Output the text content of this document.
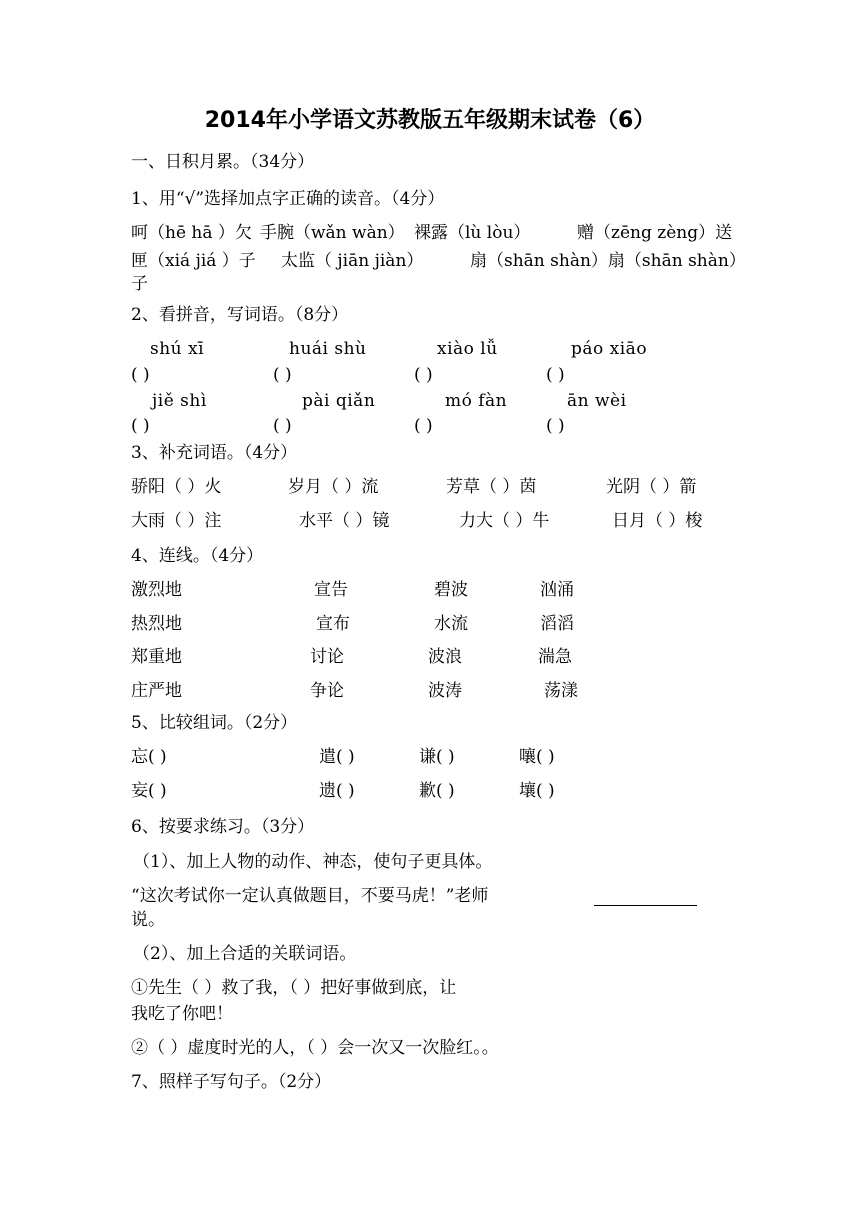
2014年小学语文苏教版五年级期末试卷（6）
一、日积月累。（34分）
1、用“√”选择加点字正确的读音。（4分）
呵（hē hā ）欠 手腕（wǎn wàn） 裸露（lù lòu）	赠（zēng zèng）送
匣（xiá jiá ）子 太监（ jiān jiàn）	扇（shān shàn）扇（shān shàn）
子
2、看拼音，写词语。（8分）
shú xī	huái shù	xiào lǚ	páo xiāo
( )	( )	( )	( )
jiě shì	pài qiǎn	mó fàn	ān wèi
( )	( )	( )	( )
3、补充词语。（4分）
骄阳（ ）火	岁月（ ）流	芳草（ ）茵	光阴（ ）箭
大雨（ ）注	水平（ ）镜	力大（ ）牛	日月（ ）梭
4、连线。（4分）
激烈地	宣告	碧波	汹涌
热烈地	宣布	水流	滔滔
郑重地	讨论	波浪	湍急
庄严地	争论	波涛	荡漾
5、比较组词。（2分）
忘( )	遣( )	谦( )	嚷( )
妄( )	遗( )	歉( )	壤( )
6、按要求练习。（3分）
（1）、加上人物的动作、神态，使句子更具体。
“这次考试你一定认真做题目，不要马虎！”老师
说。
（2）、加上合适的关联词语。
①先生（ ）救了我，（ ）把好事做到底，让
我吃了你吧！
②（ ）虚度时光的人，（ ）会一次又一次脸红。。
7、照样子写句子。（2分）
